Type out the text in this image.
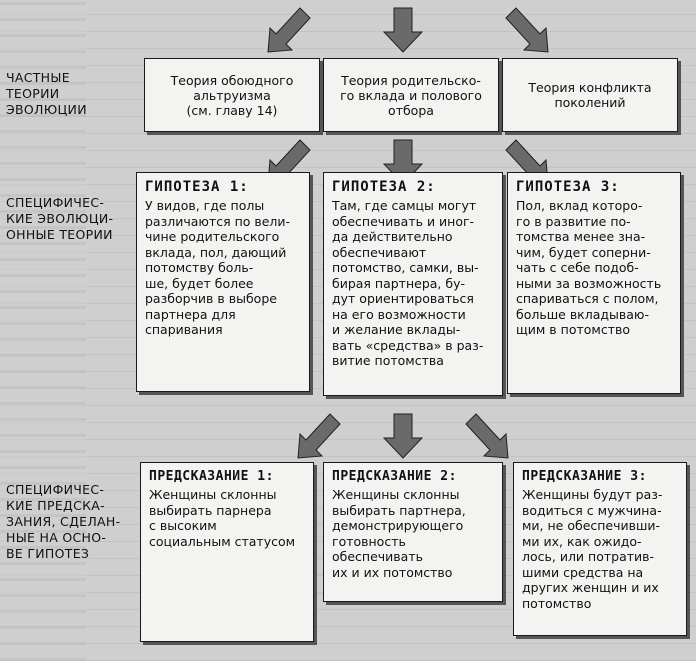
ЧАСТНЫЕ
ТЕОРИИ
ЭВОЛЮЦИИ
СПЕЦИФИЧЕС-
КИЕ ЭВОЛЮЦИ-
ОННЫЕ ТЕОРИИ
СПЕЦИФИЧЕС-
КИЕ ПРЕДСКА-
ЗАНИЯ, СДЕЛАН-
НЫЕ НА ОСНО-
ВЕ ГИПОТЕЗ
Теория обоюдного
альтруизма
(см. главу 14)
Теория родительско-
го вклада и полового
отбора
Теория конфликта
поколений
ГИПОТЕЗА 1:
У видов, где полы
различаются по вели-
чине родительского
вклада, пол, дающий
потомству боль-
ше, будет более
разборчив в выборе
партнера для спаривания
ГИПОТЕЗА 2:
Там, где самцы могут
обеспечивать и иног-
да действительно
обеспечивают
потомство, самки, вы-
бирая партнера, бу-
дут ориентироваться
на его возможности
и желание вклады-
вать «средства» в раз-
витие потомства
ГИПОТЕЗА 3:
Пол, вклад которо-
го в развитие по-
томства менее зна-
чим, будет соперни-
чать с себе подоб-
ными за возможность
спариваться с полом,
больше вкладываю-
щим в потомство
ПРЕДСКАЗАНИЕ 1:
Женщины склонны
выбирать парнера
с высоким
социальным статусом
ПРЕДСКАЗАНИЕ 2:
Женщины склонны
выбирать партнера,
демонстрирующего
готовность
обеспечивать
их и их потомство
ПРЕДСКАЗАНИЕ 3:
Женщины будут раз-
водиться с мужчина-
ми, не обеспечивши-
ми их, как ожидо-
лось, или потратив-
шими средства на
других женщин и их
потомство
